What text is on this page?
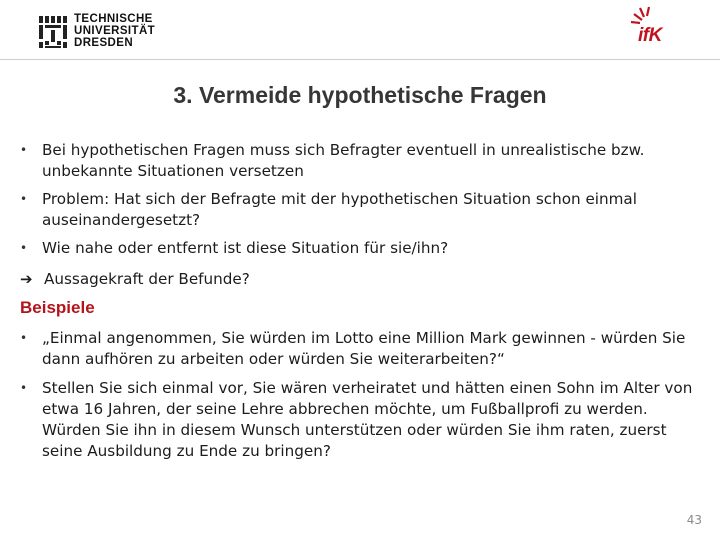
TECHNISCHE
UNIVERSITÄT
DRESDEN	ifK
3. Vermeide hypothetische Fragen
• Bei hypothetischen Fragen muss sich Befragter eventuell in unrealistische bzw. unbekannte Situationen versetzen
• Problem: Hat sich der Befragte mit der hypothetischen Situation schon einmal auseinandergesetzt?
• Wie nahe oder entfernt ist diese Situation für sie/ihn?
➔ Aussagekraft der Befunde?
Beispiele
• „Einmal angenommen, Sie würden im Lotto eine Million Mark gewinnen - würden Sie dann aufhören zu arbeiten oder würden Sie weiterarbeiten?“
• Stellen Sie sich einmal vor, Sie wären verheiratet und hätten einen Sohn im Alter von etwa 16 Jahren, der seine Lehre abbrechen möchte, um Fußballprofi zu werden. Würden Sie ihn in diesem Wunsch unterstützen oder würden Sie ihm raten, zuerst seine Ausbildung zu Ende zu bringen?
43
